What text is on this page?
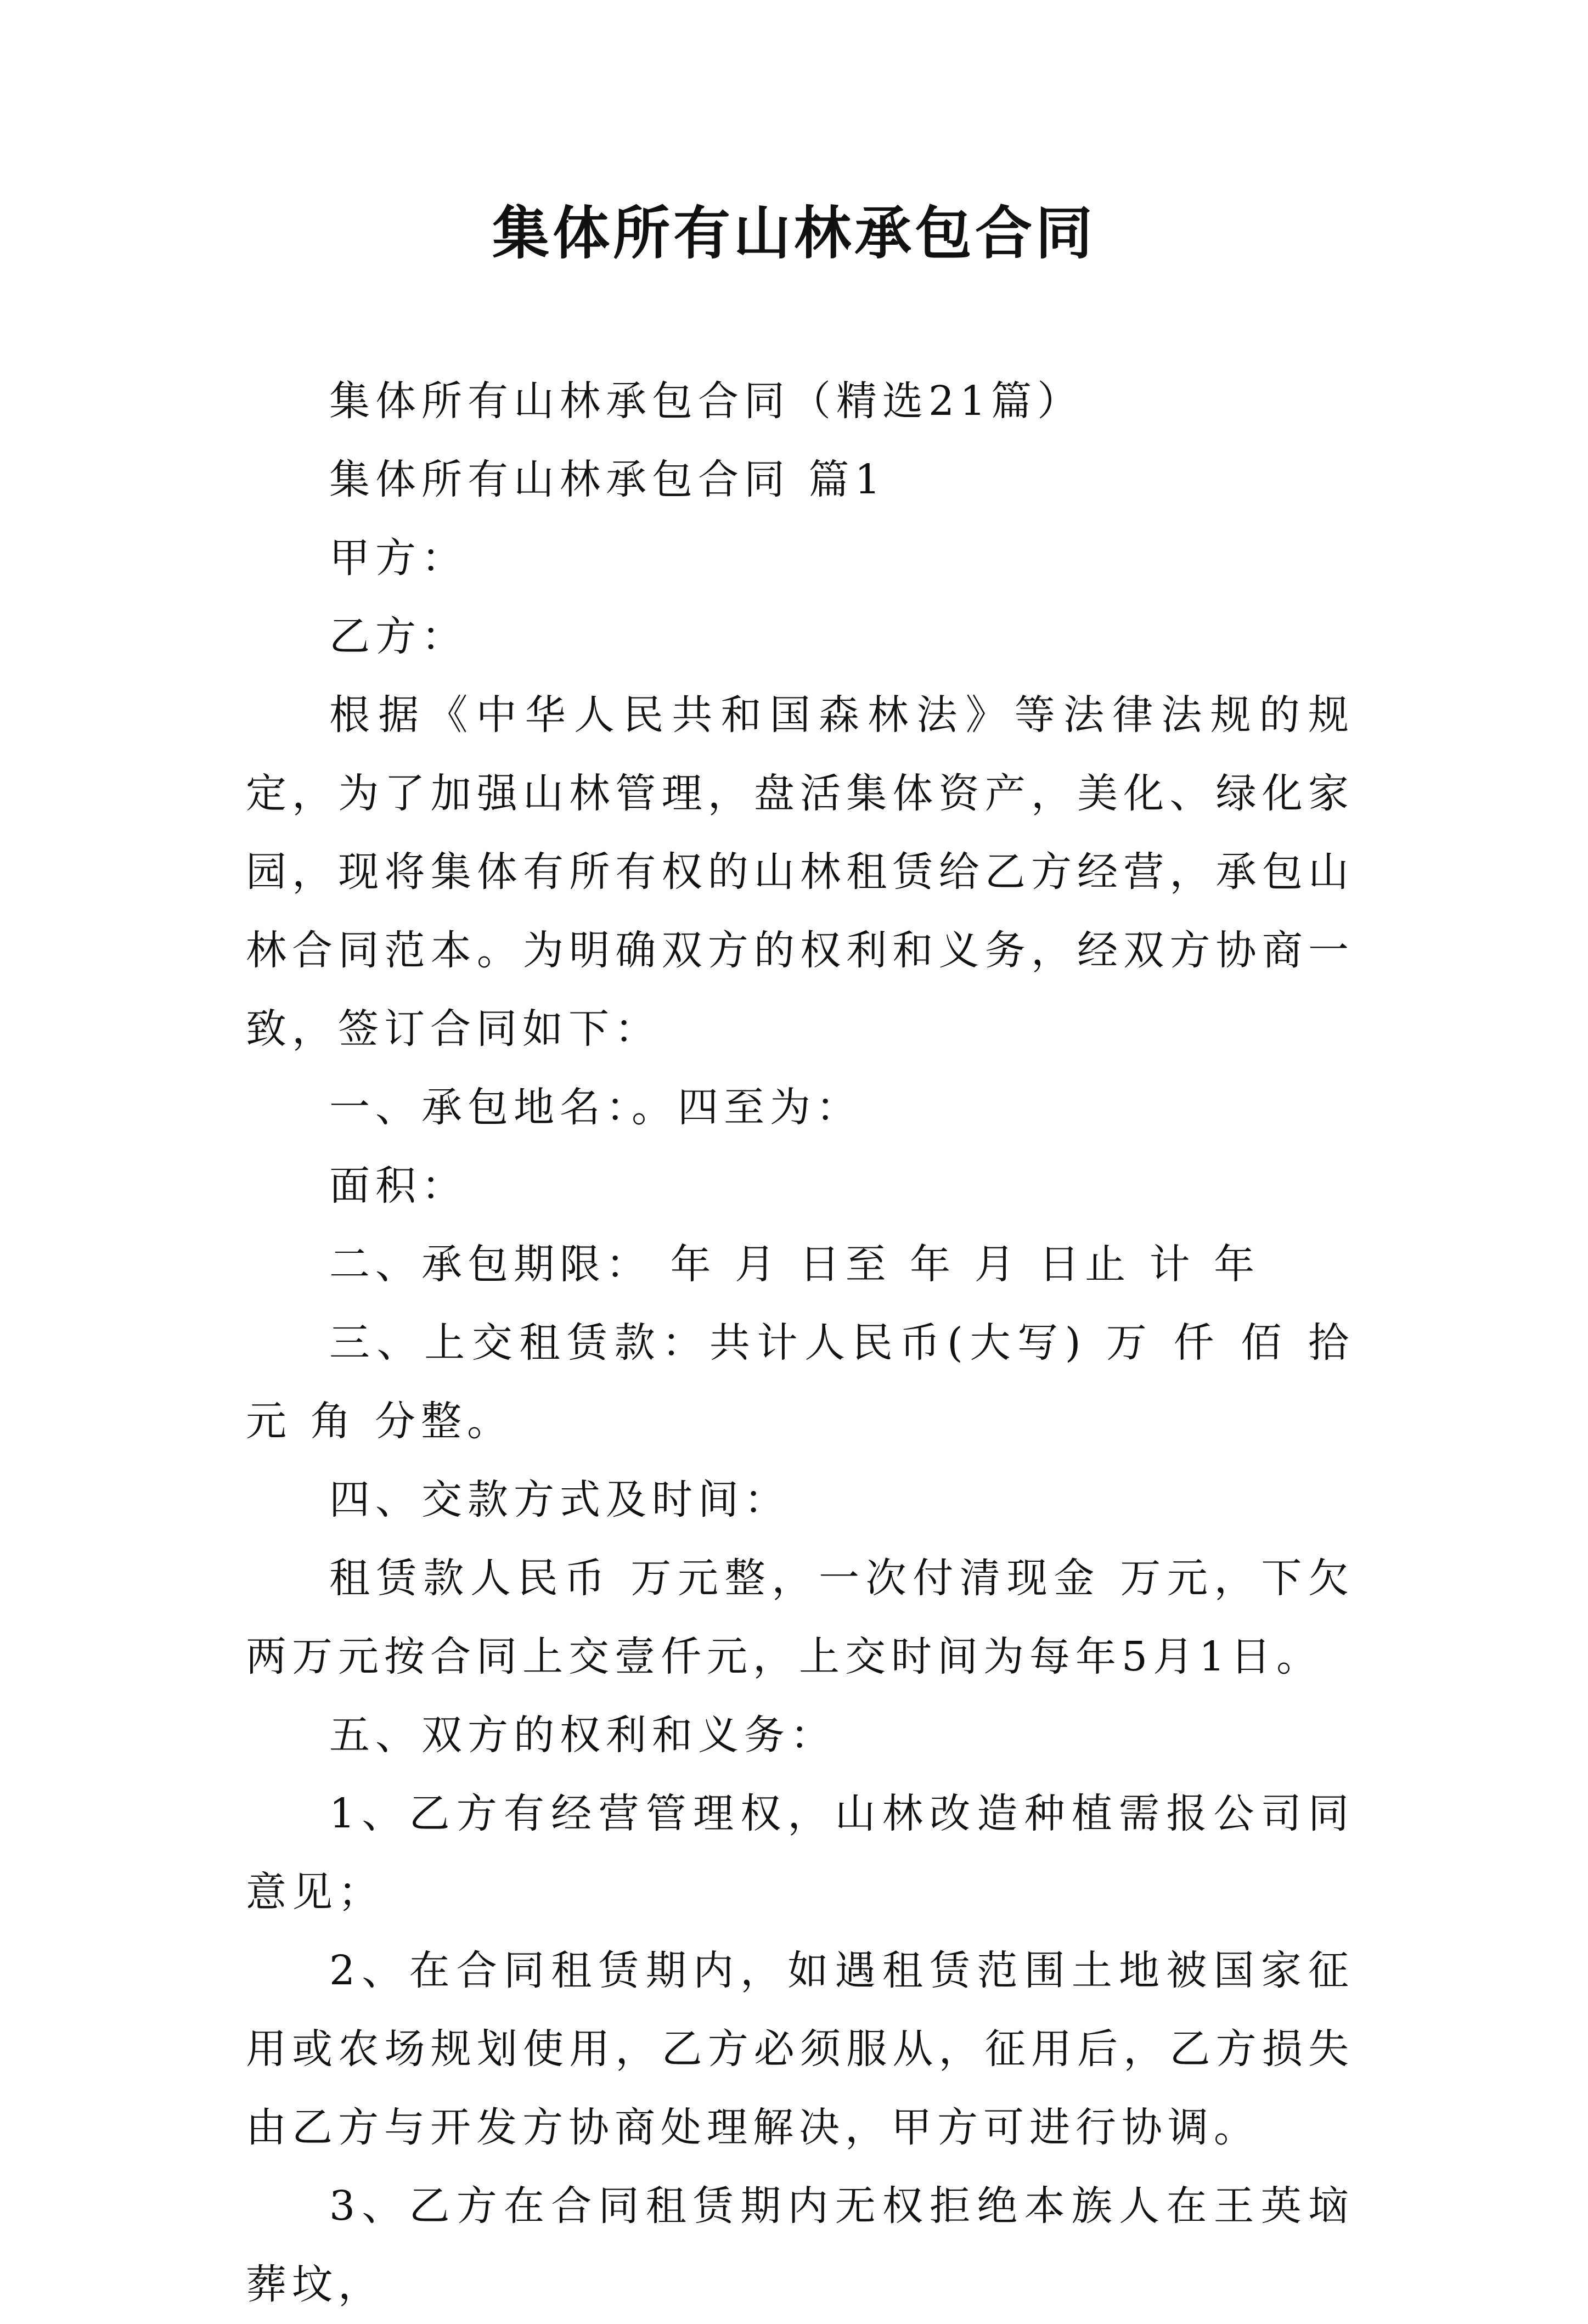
集体所有山林承包合同

集体所有山林承包合同（精选21篇）

集体所有山林承包合同 篇1

甲方：

乙方：

根据《中华人民共和国森林法》等法律法规的规定，为了加强山林管理，盘活集体资产，美化、绿化家园，现将集体有所有权的山林租赁给乙方经营，承包山林合同范本。为明确双方的权利和义务，经双方协商一致，签订合同如下：

一、承包地名：。四至为：

面积：

二、承包期限： 年 月 日至 年 月 日止 计 年

三、上交租赁款：共计人民币(大写) 万 仟 佰 拾 元 角 分整。

四、交款方式及时间：

租赁款人民币 万元整，一次付清现金 万元，下欠两万元按合同上交壹仟元，上交时间为每年5月1日。

五、双方的权利和义务：

1、乙方有经营管理权，山林改造种植需报公司同意见；

2、在合同租赁期内，如遇租赁范围土地被国家征用或农场规划使用，乙方必须服从，征用后，乙方损失由乙方与开发方协商处理解决，甲方可进行协调。

3、乙方在合同租赁期内无权拒绝本族人在王英垴葬坟，
